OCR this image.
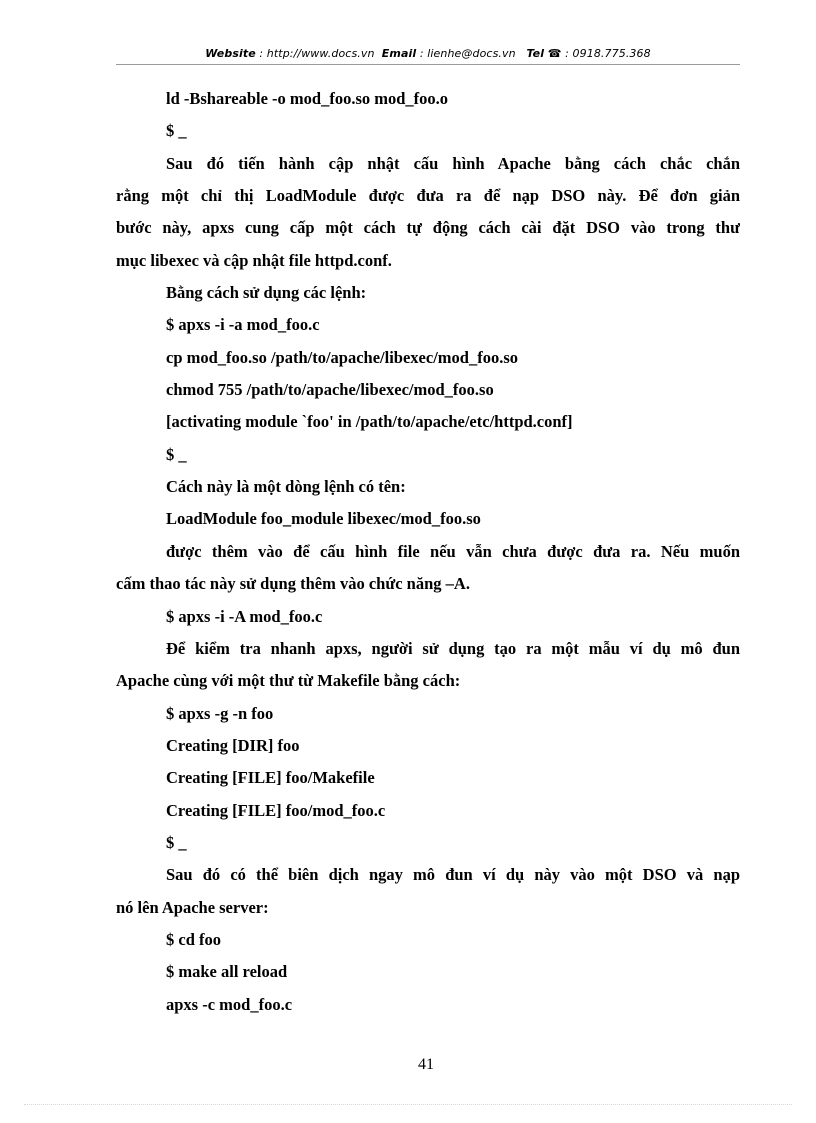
Website : http://www.docs.vn Email : lienhe@docs.vn Tel ☎ : 0918.775.368
ld -Bshareable -o mod_foo.so mod_foo.o
$ _
Sau đó tiến hành cập nhật cấu hình Apache bằng cách chắc chắn
rằng một chỉ thị LoadModule được đưa ra để nạp DSO này. Để đơn giản
bước này, apxs cung cấp một cách tự động cách cài đặt DSO vào trong thư
mục libexec và cập nhật file httpd.conf.
Bằng cách sử dụng các lệnh:
$ apxs -i -a mod_foo.c
cp mod_foo.so /path/to/apache/libexec/mod_foo.so
chmod 755 /path/to/apache/libexec/mod_foo.so
[activating module `foo' in /path/to/apache/etc/httpd.conf]
$ _
Cách này là một dòng lệnh có tên:
LoadModule foo_module libexec/mod_foo.so
được thêm vào để cấu hình file nếu vẫn chưa được đưa ra. Nếu muốn
cấm thao tác này sử dụng thêm vào chức năng –A.
$ apxs -i -A mod_foo.c
Để kiểm tra nhanh apxs, người sử dụng tạo ra một mẫu ví dụ mô đun
Apache cùng với một thư từ Makefile bằng cách:
$ apxs -g -n foo
Creating [DIR] foo
Creating [FILE] foo/Makefile
Creating [FILE] foo/mod_foo.c
$ _
Sau đó có thể biên dịch ngay mô đun ví dụ này vào một DSO và nạp
nó lên Apache server:
$ cd foo
$ make all reload
apxs -c mod_foo.c
41
